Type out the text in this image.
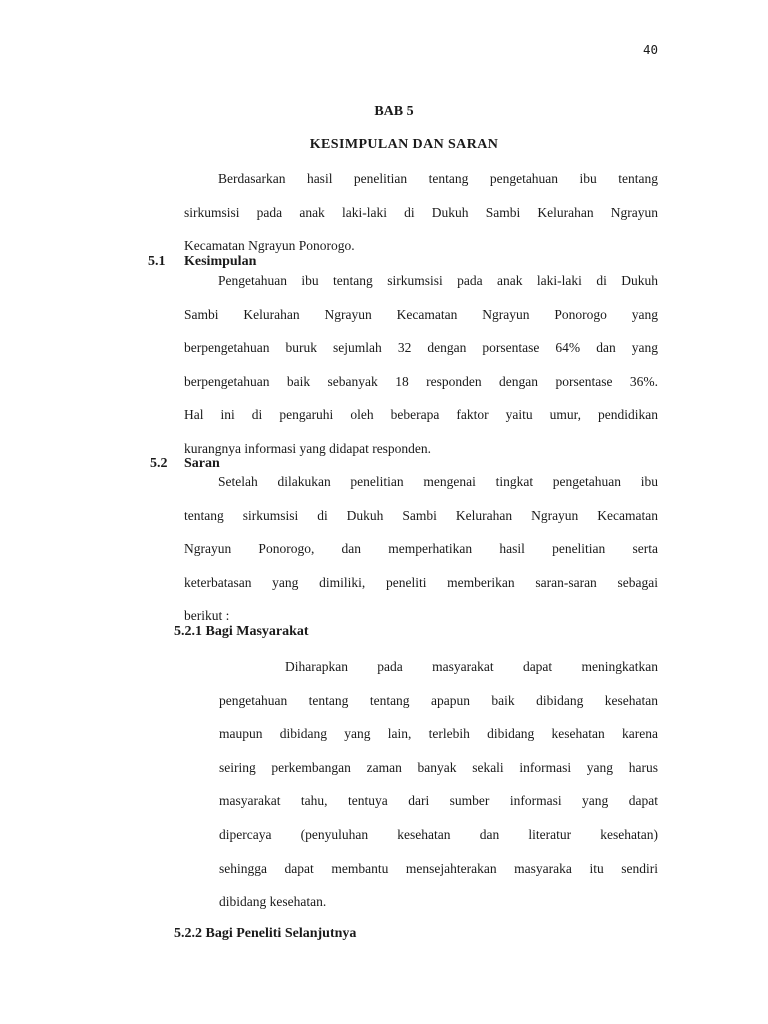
40
BAB 5
KESIMPULAN DAN SARAN

Berdasarkan hasil penelitian tentang pengetahuan ibu tentang
sirkumsisi pada anak laki-laki di Dukuh Sambi Kelurahan Ngrayun
Kecamatan Ngrayun Ponorogo.

5.1 Kesimpulan

Pengetahuan ibu tentang sirkumsisi pada anak laki-laki di Dukuh
Sambi Kelurahan Ngrayun Kecamatan Ngrayun Ponorogo yang
berpengetahuan buruk sejumlah 32 dengan porsentase 64% dan yang
berpengetahuan baik sebanyak 18 responden dengan porsentase 36%.
Hal ini di pengaruhi oleh beberapa faktor yaitu umur, pendidikan
kurangnya informasi yang didapat responden.

5.2 Saran

Setelah dilakukan penelitian mengenai tingkat pengetahuan ibu
tentang sirkumsisi di Dukuh Sambi Kelurahan Ngrayun Kecamatan
Ngrayun Ponorogo, dan memperhatikan hasil penelitian serta
keterbatasan yang dimiliki, peneliti memberikan saran-saran sebagai
berikut :

5.2.1 Bagi Masyarakat

Diharapkan pada masyarakat dapat meningkatkan
pengetahuan tentang tentang apapun baik dibidang kesehatan
maupun dibidang yang lain, terlebih dibidang kesehatan karena
seiring perkembangan zaman banyak sekali informasi yang harus
masyarakat tahu, tentuya dari sumber informasi yang dapat
dipercaya (penyuluhan kesehatan dan literatur kesehatan)
sehingga dapat membantu mensejahterakan masyaraka itu sendiri
dibidang kesehatan.

5.2.2 Bagi Peneliti Selanjutnya
